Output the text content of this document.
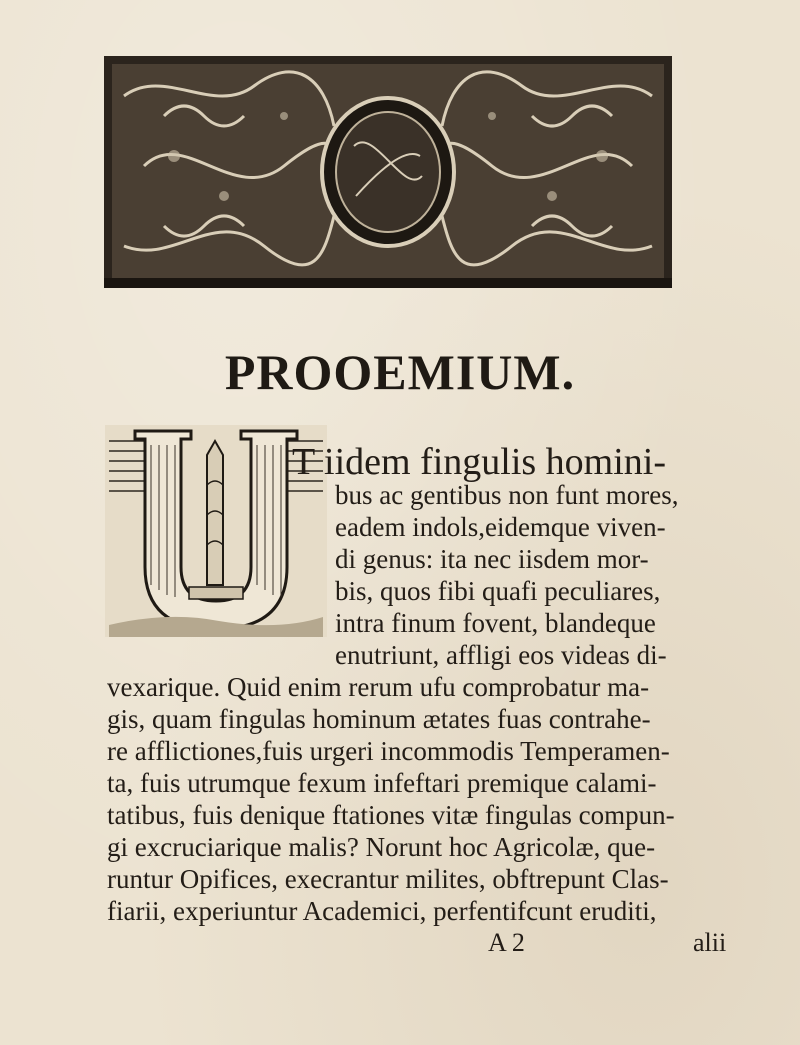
PROOEMIUM.
T iidem fingulis homini-
bus ac gentibus non funt mores,
eadem indols,eidemque viven-
di genus: ita nec iisdem mor-
bis, quos fibi quafi peculiares,
intra finum fovent, blandeque
enutriunt, affligi eos videas di-
vexarique. Quid enim rerum ufu comprobatur ma-
gis, quam fingulas hominum ætates fuas contrahe-
re afflictiones,fuis urgeri incommodis Temperamen-
ta, fuis utrumque fexum infeftari premique calami-
tatibus, fuis denique ftationes vitæ fingulas compun-
gi excruciarique malis? Norunt hoc Agricolæ, que-
runtur Opifices, execrantur milites, obftrepunt Clas-
fiarii, experiuntur Academici, perfentifcunt eruditi,
A 2	alii
